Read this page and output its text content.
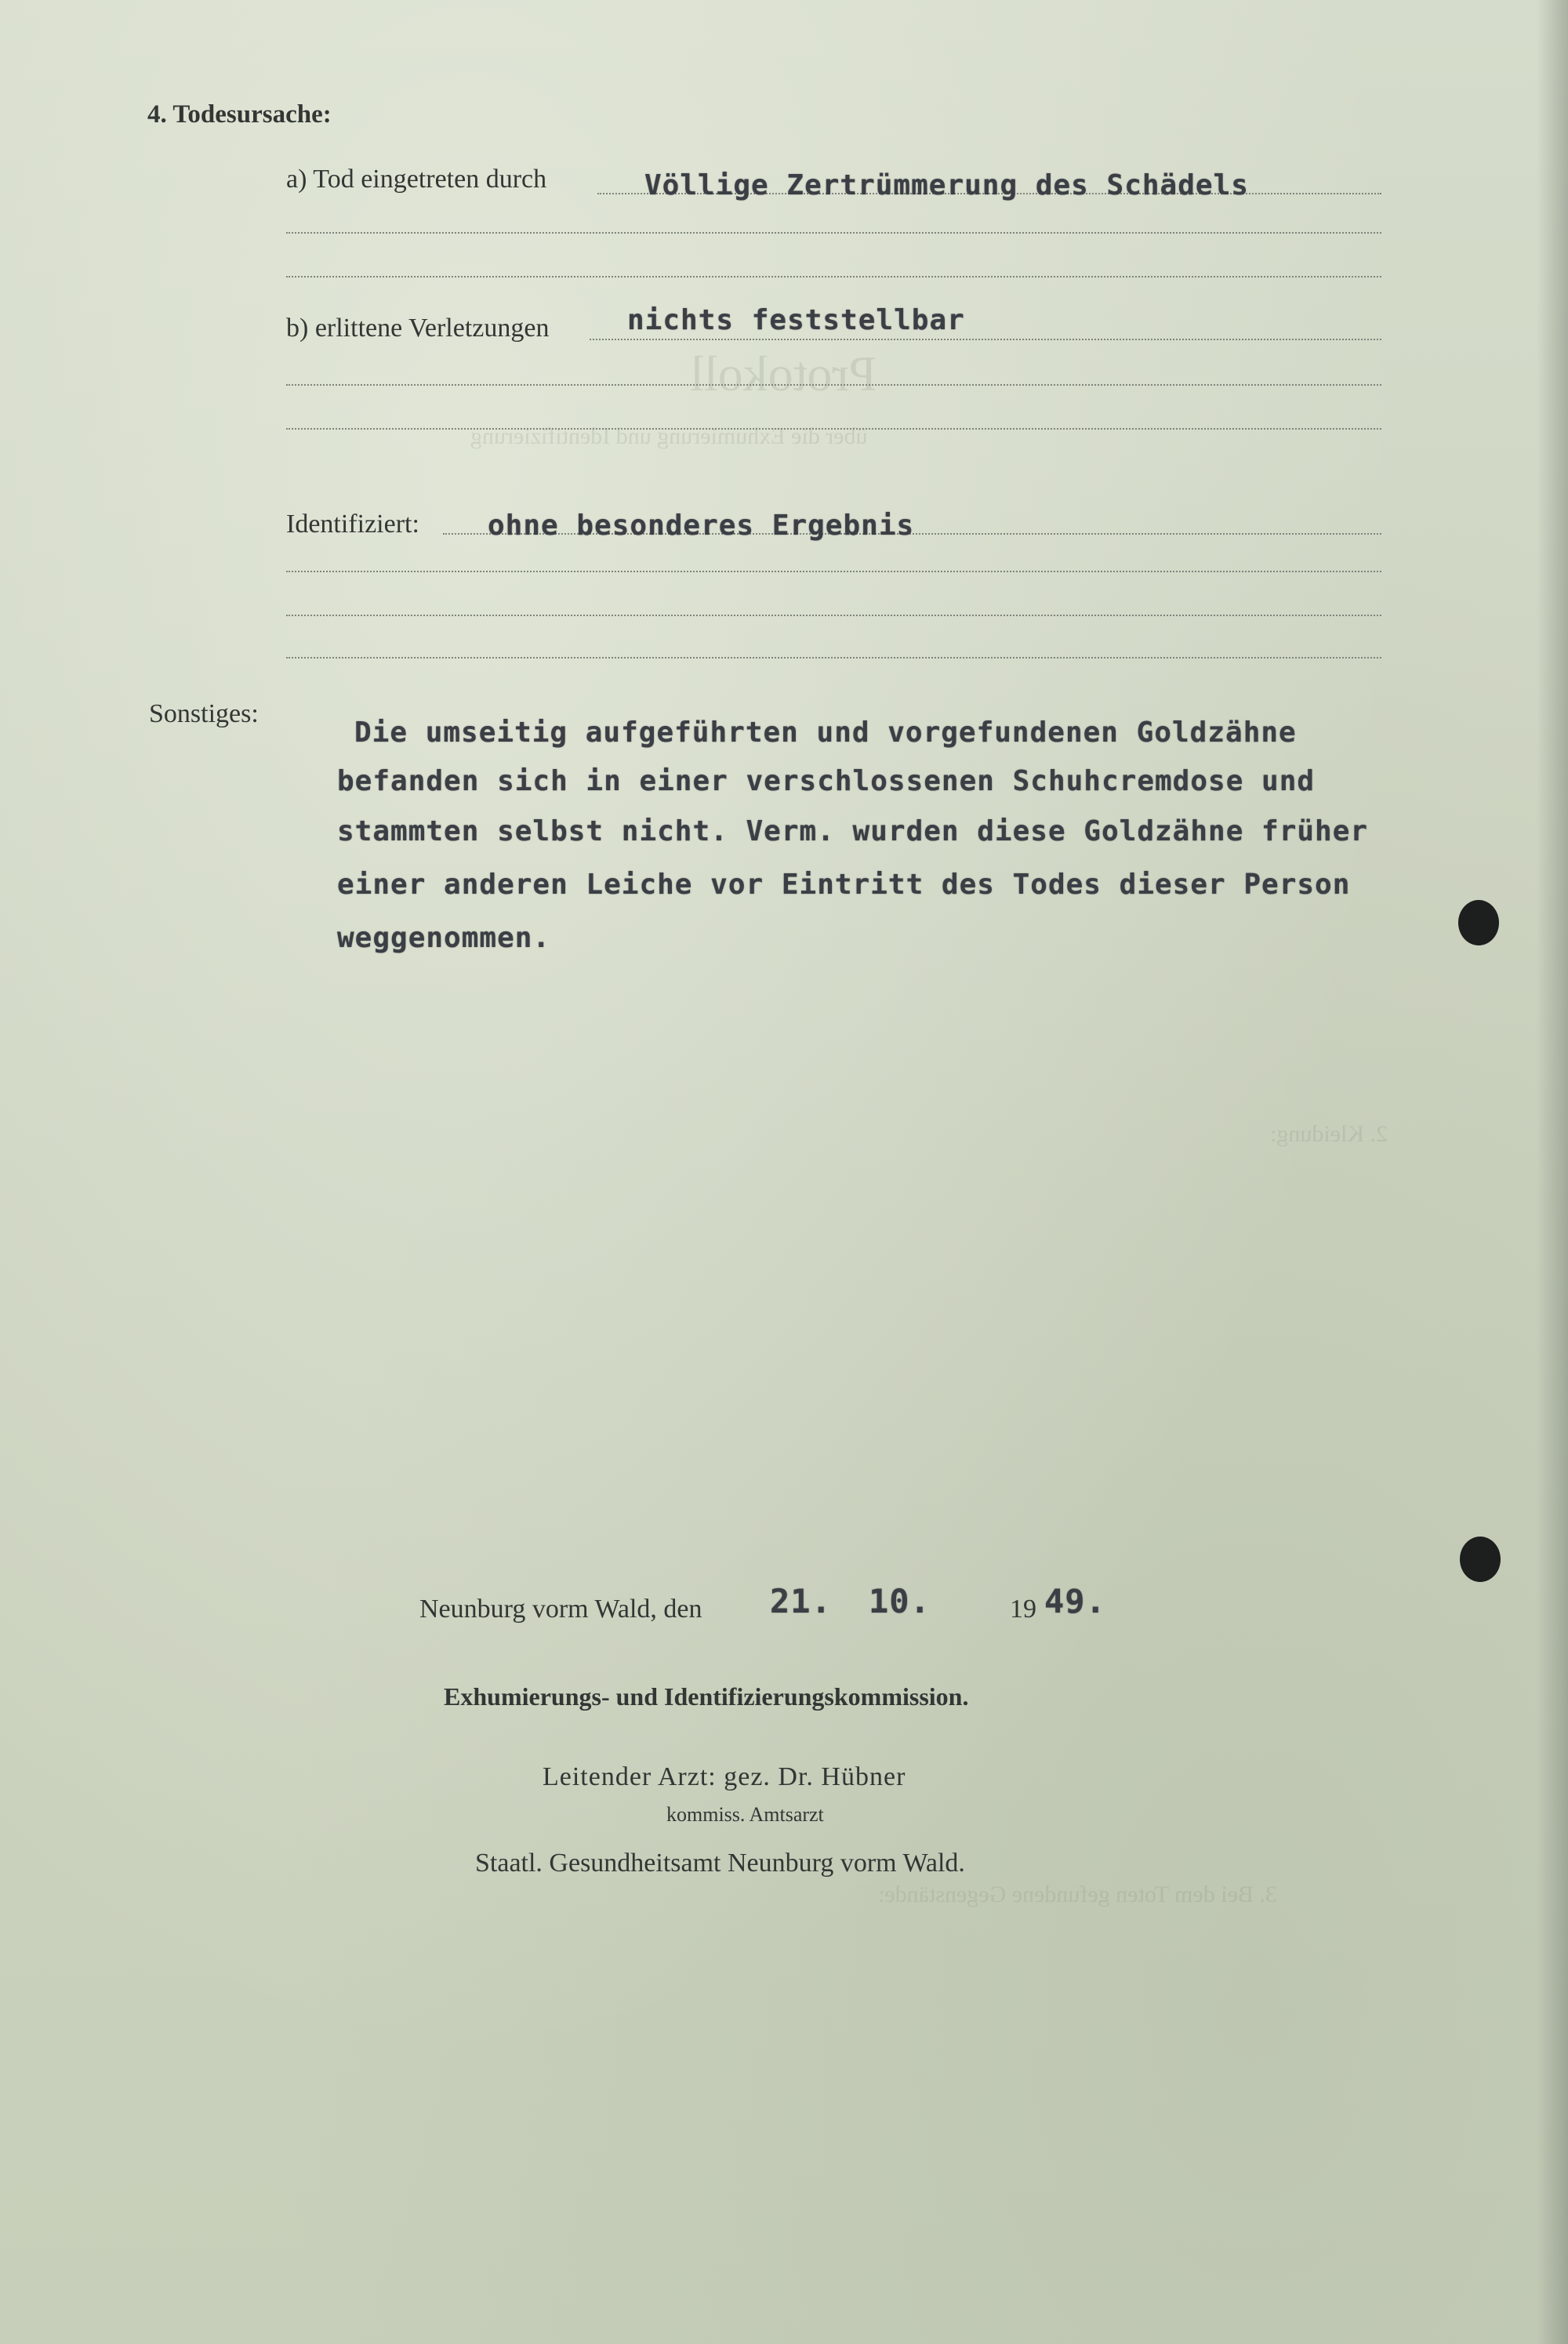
Protokoll
über die Exhumierung und Identifizierung
2. Kleidung:
3. Bei dem Toten gefundene Gegenstände:
4. Todesursache:
a) Tod eingetreten durch	Völlige Zertrümmerung des Schädels
b) erlittene Verletzungen	nichts feststellbar
Identifiziert: ohne besonderes Ergebnis
Sonstiges:
Die umseitig aufgeführten und vorgefundenen Goldzähne
befanden sich in einer verschlossenen Schuhcremdose und
stammten selbst nicht. Verm. wurden diese Goldzähne früher
einer anderen Leiche vor Eintritt des Todes dieser Person
weggenommen.
Neunburg vorm Wald, den 21. 10.	19 49.
Exhumierungs- und Identifizierungskommission.
Leitender Arzt: gez. Dr. Hübner
kommiss. Amtsarzt
Staatl. Gesundheitsamt Neunburg vorm Wald.
